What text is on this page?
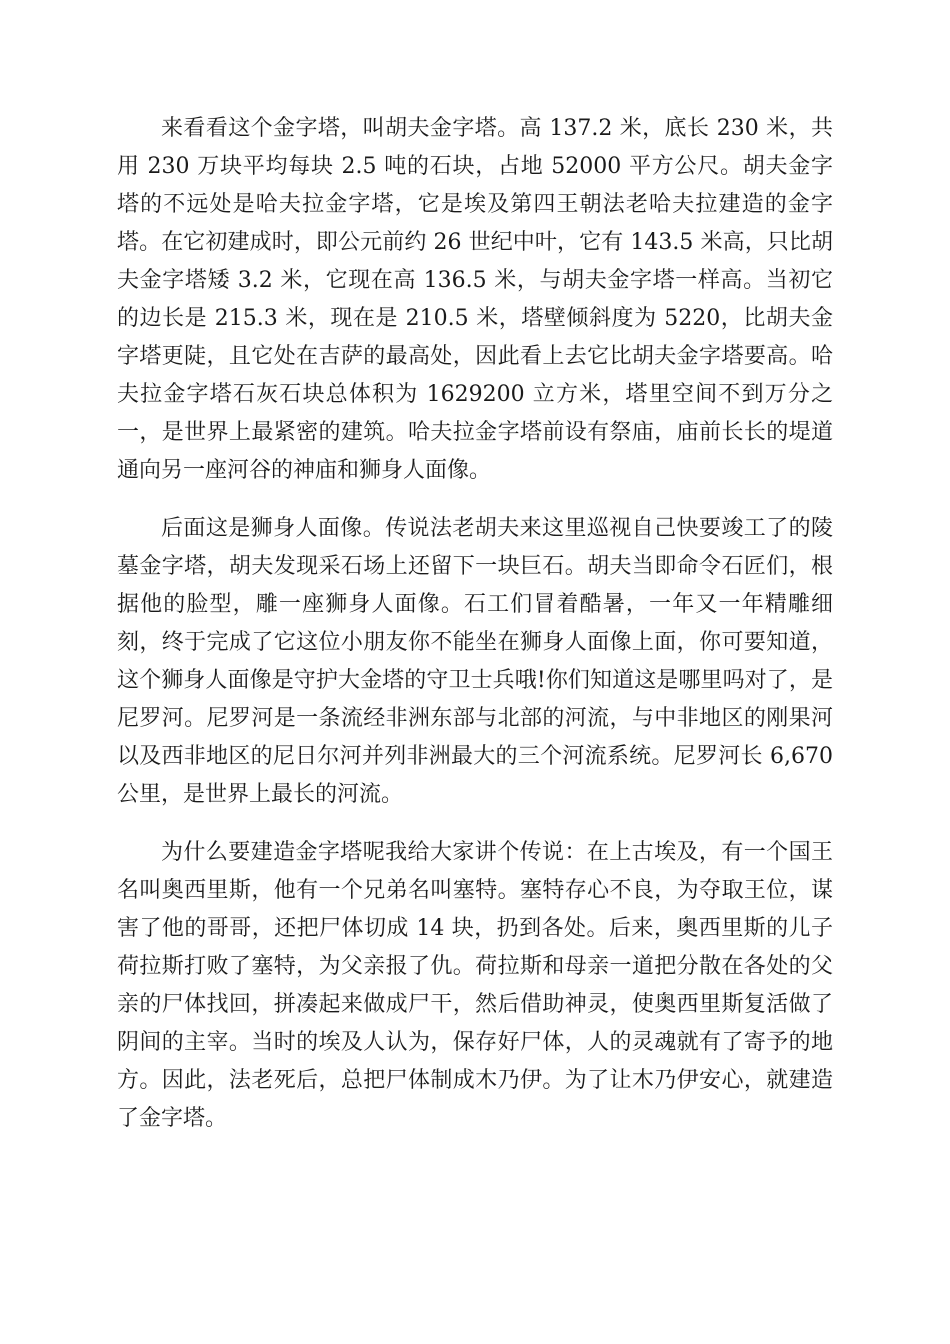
来看看这个金字塔，叫胡夫金字塔。高 137.2 米，底长 230 米，共用 230 万块平均每块 2.5 吨的石块，占地 52000 平方公尺。胡夫金字塔的不远处是哈夫拉金字塔，它是埃及第四王朝法老哈夫拉建造的金字塔。在它初建成时，即公元前约 26 世纪中叶，它有 143.5 米高，只比胡夫金字塔矮 3.2 米，它现在高 136.5 米，与胡夫金字塔一样高。当初它的边长是 215.3 米，现在是 210.5 米，塔壁倾斜度为 5220，比胡夫金字塔更陡，且它处在吉萨的最高处，因此看上去它比胡夫金字塔要高。哈夫拉金字塔石灰石块总体积为 1629200 立方米，塔里空间不到万分之一，是世界上最紧密的建筑。哈夫拉金字塔前设有祭庙，庙前长长的堤道通向另一座河谷的神庙和狮身人面像。

后面这是狮身人面像。传说法老胡夫来这里巡视自己快要竣工了的陵墓金字塔，胡夫发现采石场上还留下一块巨石。胡夫当即命令石匠们，根据他的脸型，雕一座狮身人面像。石工们冒着酷暑，一年又一年精雕细刻，终于完成了它这位小朋友你不能坐在狮身人面像上面，你可要知道，这个狮身人面像是守护大金塔的守卫士兵哦!你们知道这是哪里吗对了，是尼罗河。尼罗河是一条流经非洲东部与北部的河流，与中非地区的刚果河以及西非地区的尼日尔河并列非洲最大的三个河流系统。尼罗河长 6,670 公里，是世界上最长的河流。

为什么要建造金字塔呢我给大家讲个传说：在上古埃及，有一个国王名叫奥西里斯，他有一个兄弟名叫塞特。塞特存心不良，为夺取王位，谋害了他的哥哥，还把尸体切成 14 块，扔到各处。后来，奥西里斯的儿子荷拉斯打败了塞特，为父亲报了仇。荷拉斯和母亲一道把分散在各处的父亲的尸体找回，拼凑起来做成尸干，然后借助神灵，使奥西里斯复活做了阴间的主宰。当时的埃及人认为，保存好尸体，人的灵魂就有了寄予的地方。因此，法老死后，总把尸体制成木乃伊。为了让木乃伊安心，就建造了金字塔。
